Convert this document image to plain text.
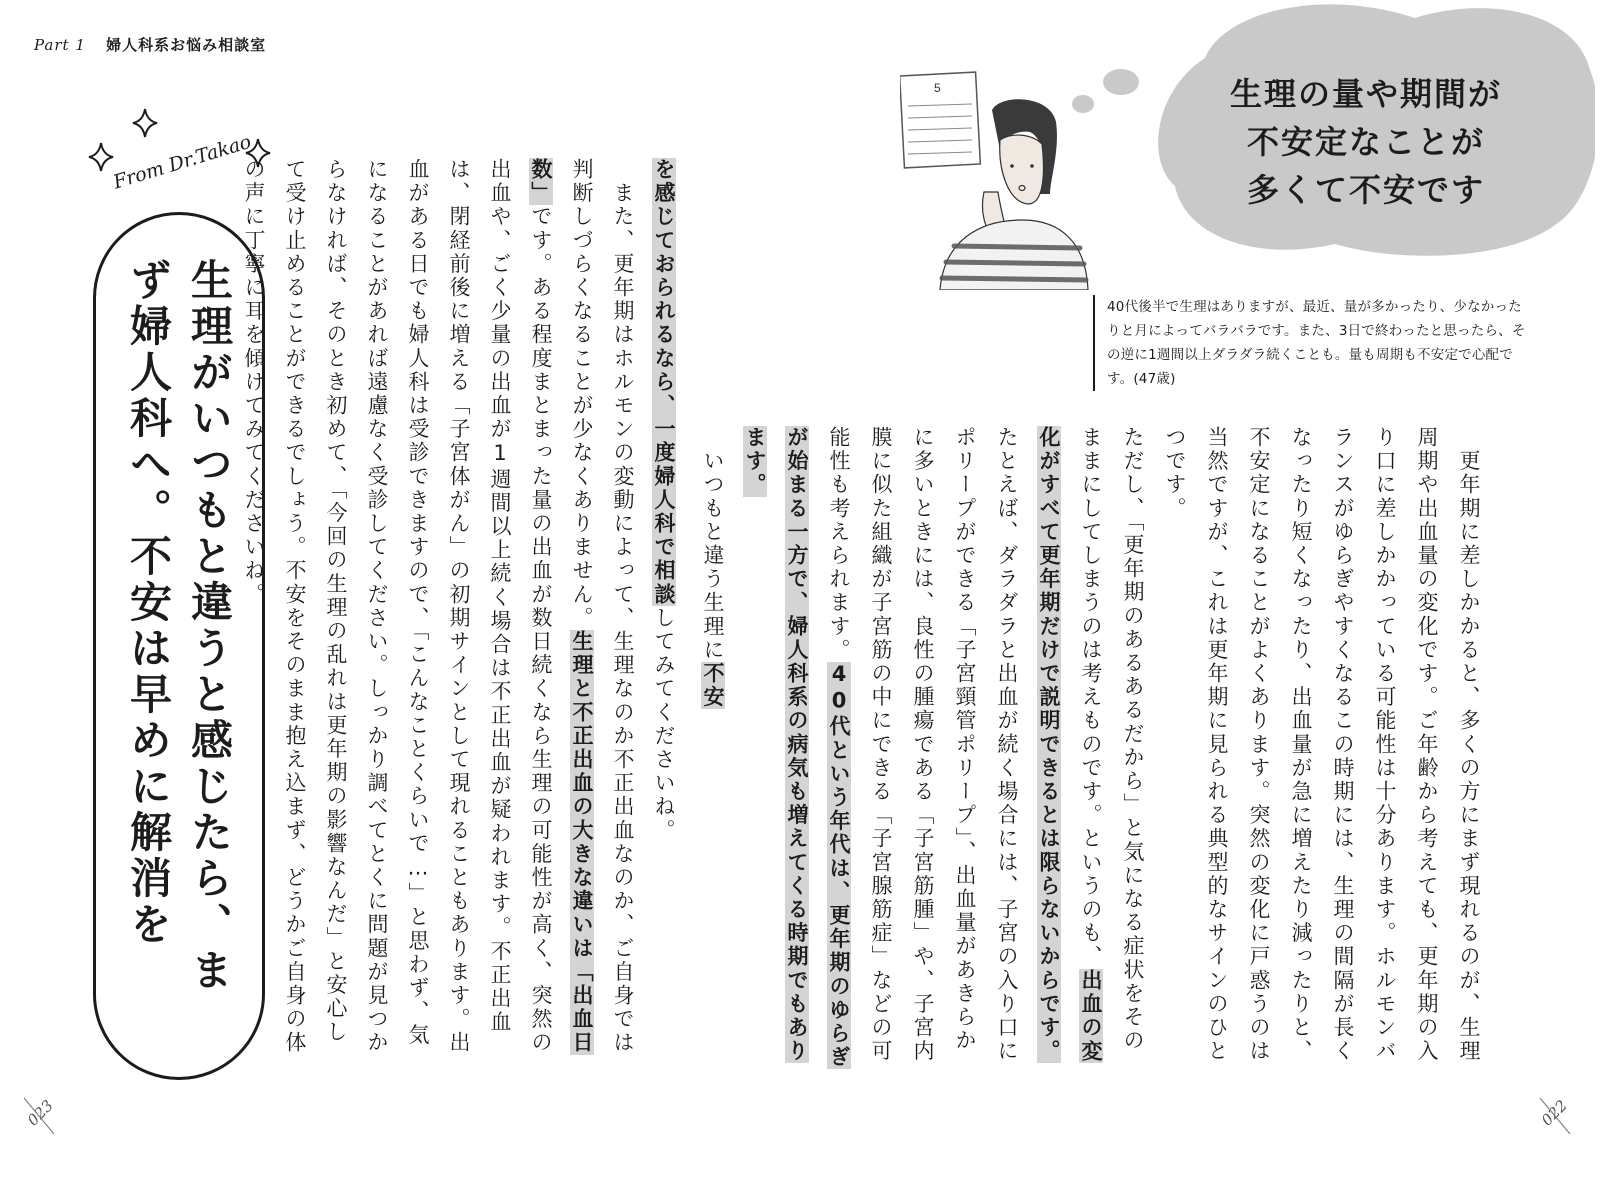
Part 1 婦人科系お悩み相談室
From Dr.Takao
生理がいつもと違うと感じたら、まず婦人科へ。不安は早めに解消を	を感じておられるなら、一度婦人科で相談してみてくださいね。
　また、更年期はホルモンの変動によって、生理なのか不正出血なのか、ご自身では判断しづらくなることが少なくありません。生理と不正出血の大きな違いは「出血日数」です。ある程度まとまった量の出血が数日続くなら生理の可能性が高く、突然の出血や、ごく少量の出血が1週間以上続く場合は不正出血が疑われます。不正出血は、閉経前後に増える「子宮体がん」の初期サインとして現れることもあります。出血がある日でも婦人科は受診できますので、「こんなことくらいで…」と思わず、気になることがあれば遠慮なく受診してください。しっかり調べてとくに問題が見つからなければ、そのとき初めて、「今回の生理の乱れは更年期の影響なんだ」と安心して受け止めることができるでしょう。不安をそのまま抱え込まず、どうかご自身の体の声に丁寧に耳を傾けてみてくださいね。
023
生理の量や期間が
不安定なことが
多くて不安です
5
40代後半で生理はありますが、最近、量が多かったり、少なかったりと月によってバラバラです。また、3日で終わったと思ったら、その逆に1週間以上ダラダラ続くことも。量も周期も不安定で心配です。(47歳)
　更年期に差しかかると、多くの方にまず現れるのが、生理周期や出血量の変化です。ご年齢から考えても、更年期の入り口に差しかかっている可能性は十分あります。ホルモンバランスがゆらぎやすくなるこの時期には、生理の間隔が長くなったり短くなったり、出血量が急に増えたり減ったりと、不安定になることがよくあります。突然の変化に戸惑うのは当然ですが、これは更年期に見られる典型的なサインのひとつです。
ただし、「更年期のあるあるだから」と気になる症状をそのままにしてしまうのは考えものです。というのも、出血の変化がすべて更年期だけで説明できるとは限らないからです。たとえば、ダラダラと出血が続く場合には、子宮の入り口にポリープができる「子宮頸管ポリープ」、出血量があきらかに多いときには、良性の腫瘍である「子宮筋腫」や、子宮内膜に似た組織が子宮筋の中にできる「子宮腺筋症」などの可能性も考えられます。40代という年代は、更年期のゆらぎが始まる一方で、婦人科系の病気も増えてくる時期でもあります。
　いつもと違う生理に不安
022
